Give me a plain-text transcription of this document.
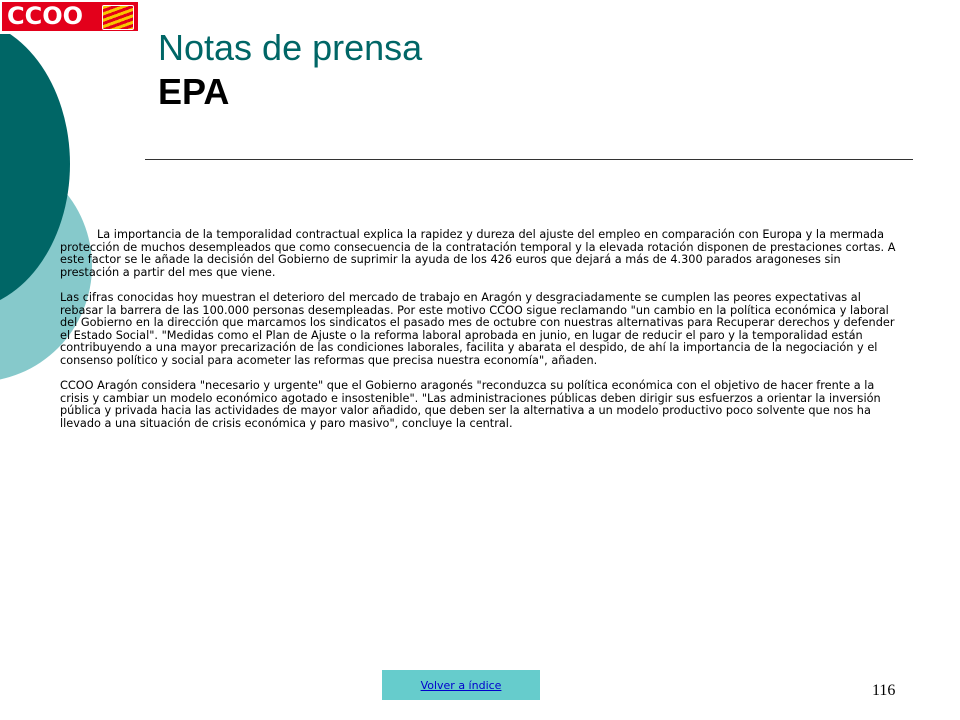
CCOO
Notas de prensa
EPA

La importancia de la temporalidad contractual explica la rapidez y dureza del ajuste del empleo en comparación con Europa y la mermada protección de muchos desempleados que como consecuencia de la contratación temporal y la elevada rotación disponen de prestaciones cortas. A este factor se le añade la decisión del Gobierno de suprimir la ayuda de los 426 euros que dejará a más de 4.300 parados aragoneses sin prestación a partir del mes que viene.

Las cifras conocidas hoy muestran el deterioro del mercado de trabajo en Aragón y desgraciadamente se cumplen las peores expectativas al rebasar la barrera de las 100.000 personas desempleadas. Por este motivo CCOO sigue reclamando "un cambio en la política económica y laboral del Gobierno en la dirección que marcamos los sindicatos el pasado mes de octubre con nuestras alternativas para Recuperar derechos y defender el Estado Social". "Medidas como el Plan de Ajuste o la reforma laboral aprobada en junio, en lugar de reducir el paro y la temporalidad están contribuyendo a una mayor precarización de las condiciones laborales, facilita y abarata el despido, de ahí la importancia de la negociación y el consenso político y social para acometer las reformas que precisa nuestra economía", añaden.

CCOO Aragón considera "necesario y urgente" que el Gobierno aragonés "reconduzca su política económica con el objetivo de hacer frente a la crisis y cambiar un modelo económico agotado e insostenible". "Las administraciones públicas deben dirigir sus esfuerzos a orientar la inversión pública y privada hacia las actividades de mayor valor añadido, que deben ser la alternativa a un modelo productivo poco solvente que nos ha llevado a una situación de crisis económica y paro masivo", concluye la central.

Volver a índice	116
